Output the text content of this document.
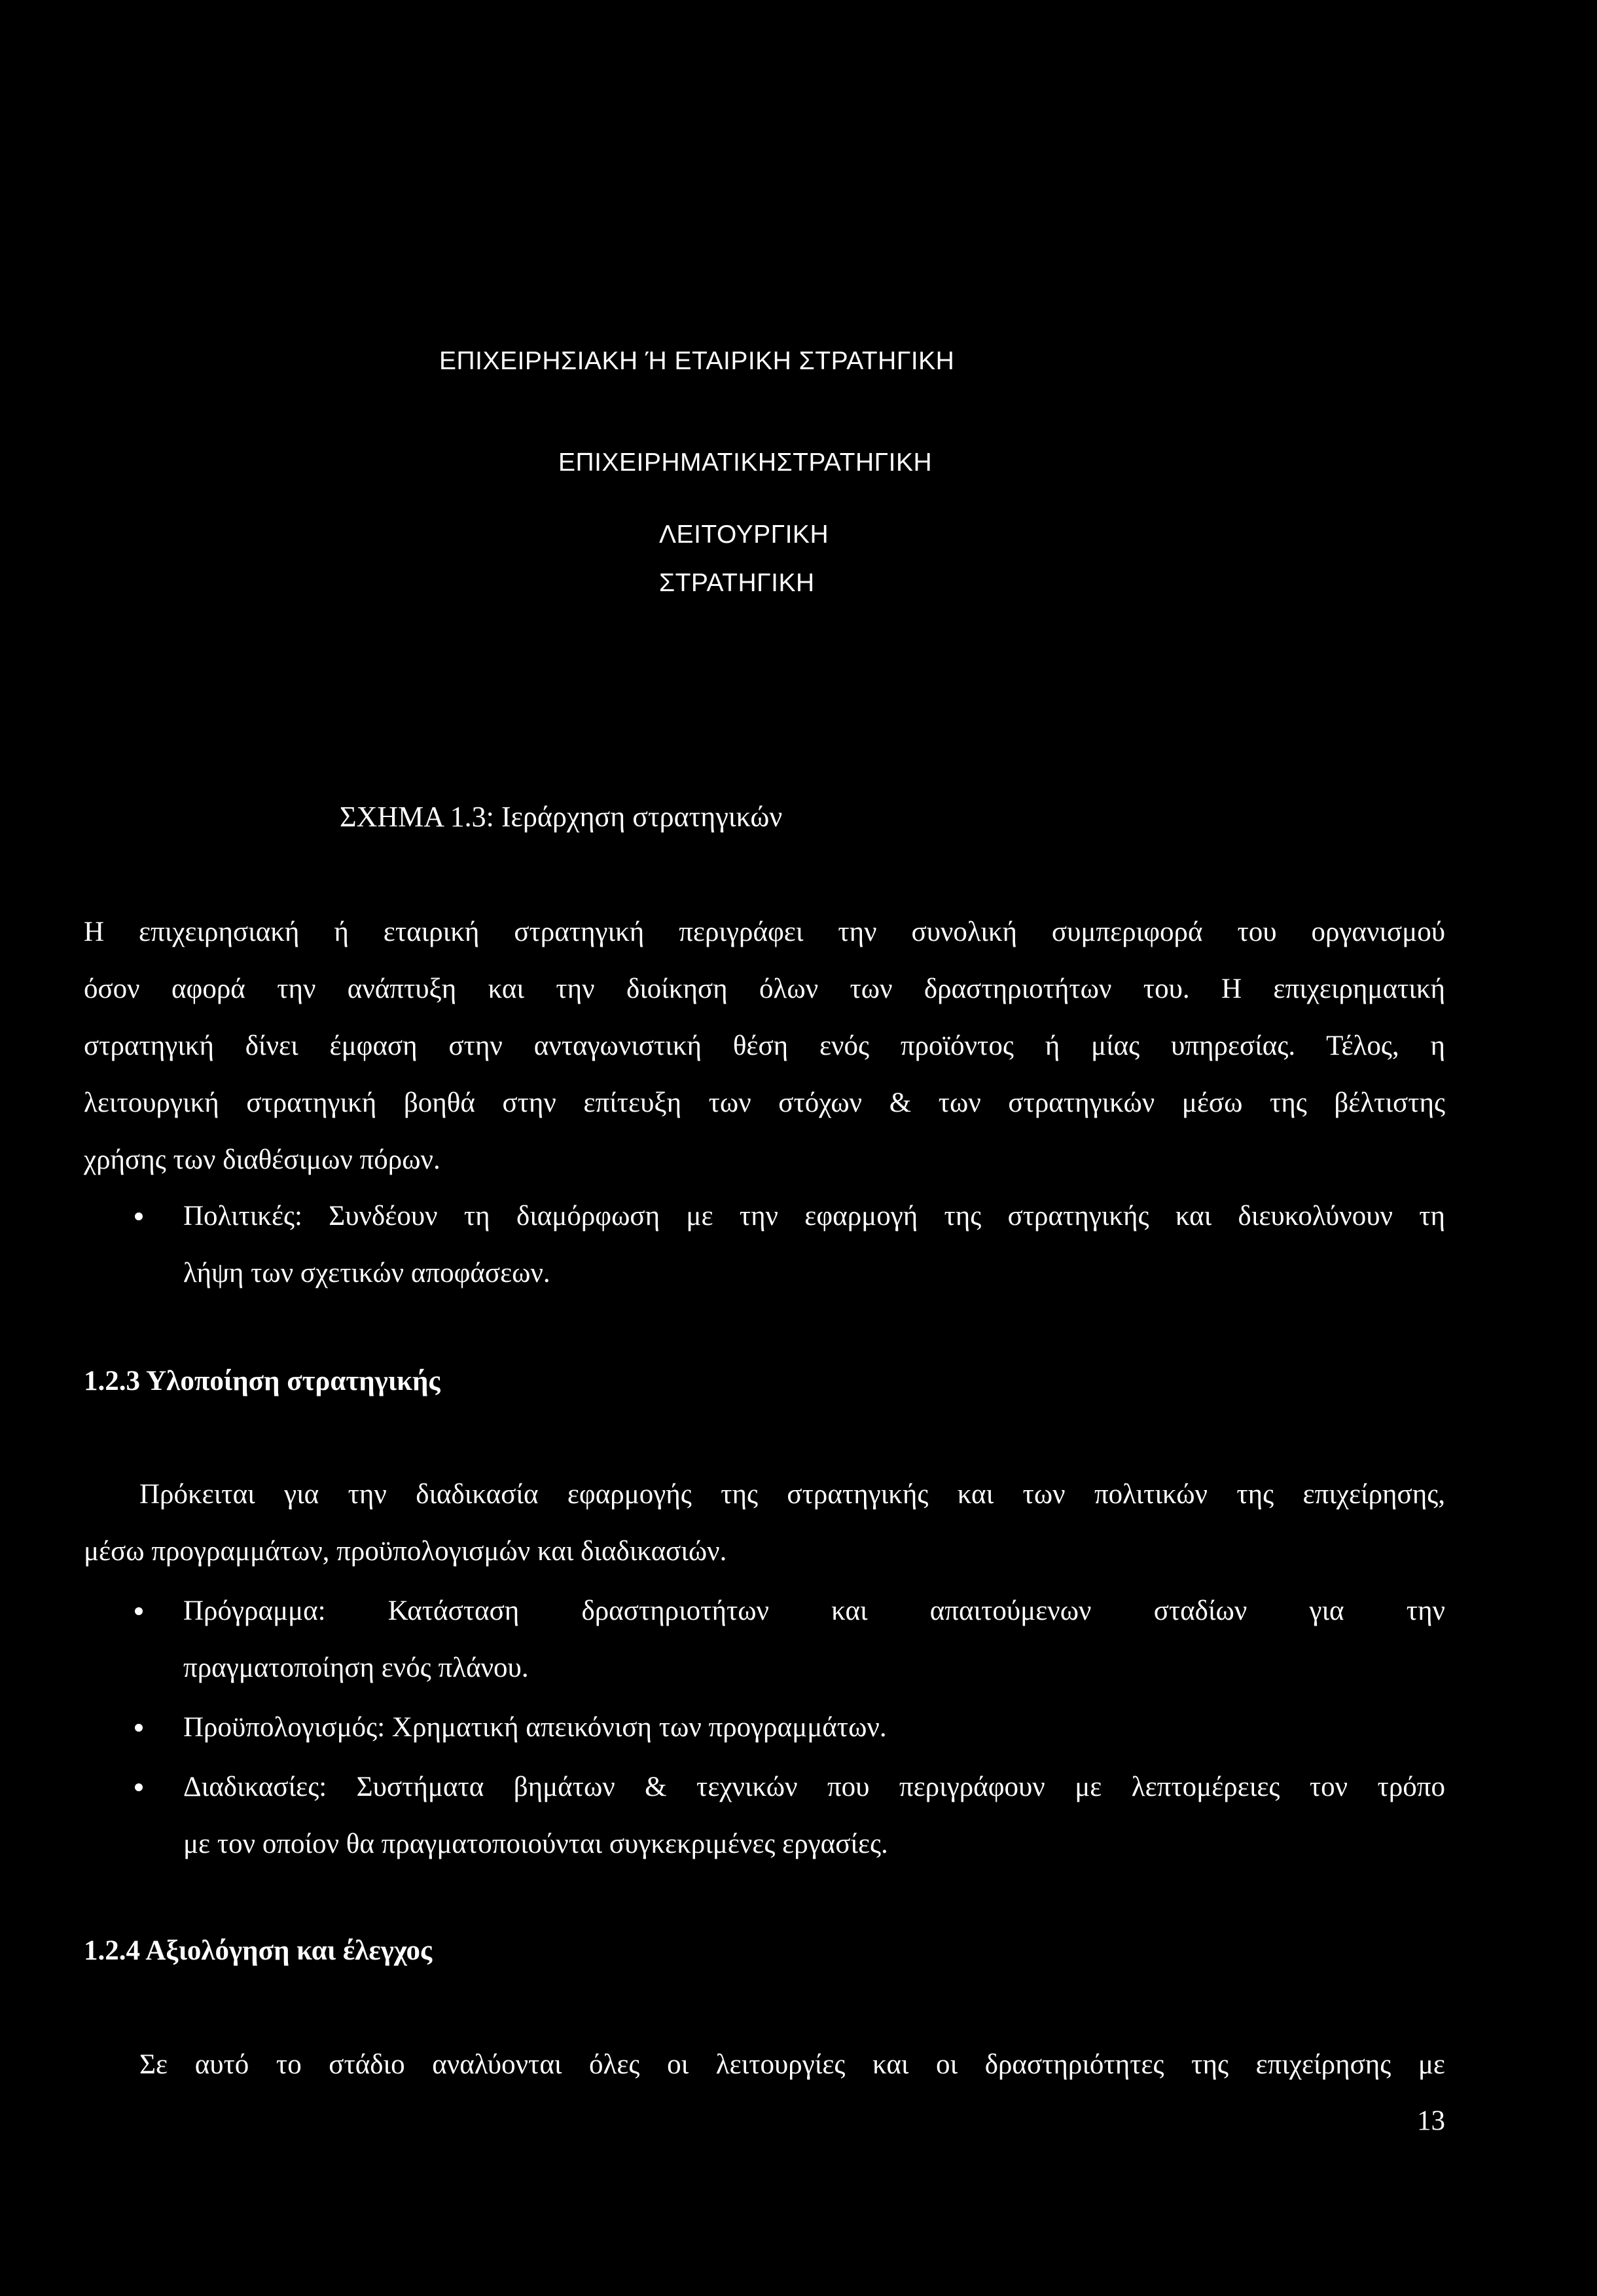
ΕΠΙΧΕΙΡΗΣΙΑΚΗ Ή ΕΤΑΙΡΙΚΗ ΣΤΡΑΤΗΓΙΚΗ
ΕΠΙΧΕΙΡΗΜΑΤΙΚΗΣΤΡΑΤΗΓΙΚΗ
ΛΕΙΤΟΥΡΓΙΚΗ
ΣΤΡΑΤΗΓΙΚΗ
ΣΧΗΜΑ 1.3: Ιεράρχηση στρατηγικών
Η επιχειρησιακή ή εταιρική στρατηγική περιγράφει την συνολική συμπεριφορά του οργανισμού
όσον αφορά την ανάπτυξη και την διοίκηση όλων των δραστηριοτήτων του. Η επιχειρηματική
στρατηγική δίνει έμφαση στην ανταγωνιστική θέση ενός προϊόντος ή μίας υπηρεσίας. Τέλος, η
λειτουργική στρατηγική βοηθά στην επίτευξη των στόχων & των στρατηγικών μέσω της βέλτιστης
χρήσης των διαθέσιμων πόρων.
Πολιτικές: Συνδέουν τη διαμόρφωση με την εφαρμογή της στρατηγικής και διευκολύνουν τη
λήψη των σχετικών αποφάσεων.
1.2.3 Υλοποίηση στρατηγικής
Πρόκειται για την διαδικασία εφαρμογής της στρατηγικής και των πολιτικών της επιχείρησης,
μέσω προγραμμάτων, προϋπολογισμών και διαδικασιών.
Πρόγραμμα: Κατάσταση δραστηριοτήτων και απαιτούμενων σταδίων για την
πραγματοποίηση ενός πλάνου.
Προϋπολογισμός: Χρηματική απεικόνιση των προγραμμάτων.
Διαδικασίες: Συστήματα βημάτων & τεχνικών που περιγράφουν με λεπτομέρειες τον τρόπο
με τον οποίον θα πραγματοποιούνται συγκεκριμένες εργασίες.
1.2.4 Αξιολόγηση και έλεγχος
Σε αυτό το στάδιο αναλύονται όλες οι λειτουργίες και οι δραστηριότητες της επιχείρησης με
13
